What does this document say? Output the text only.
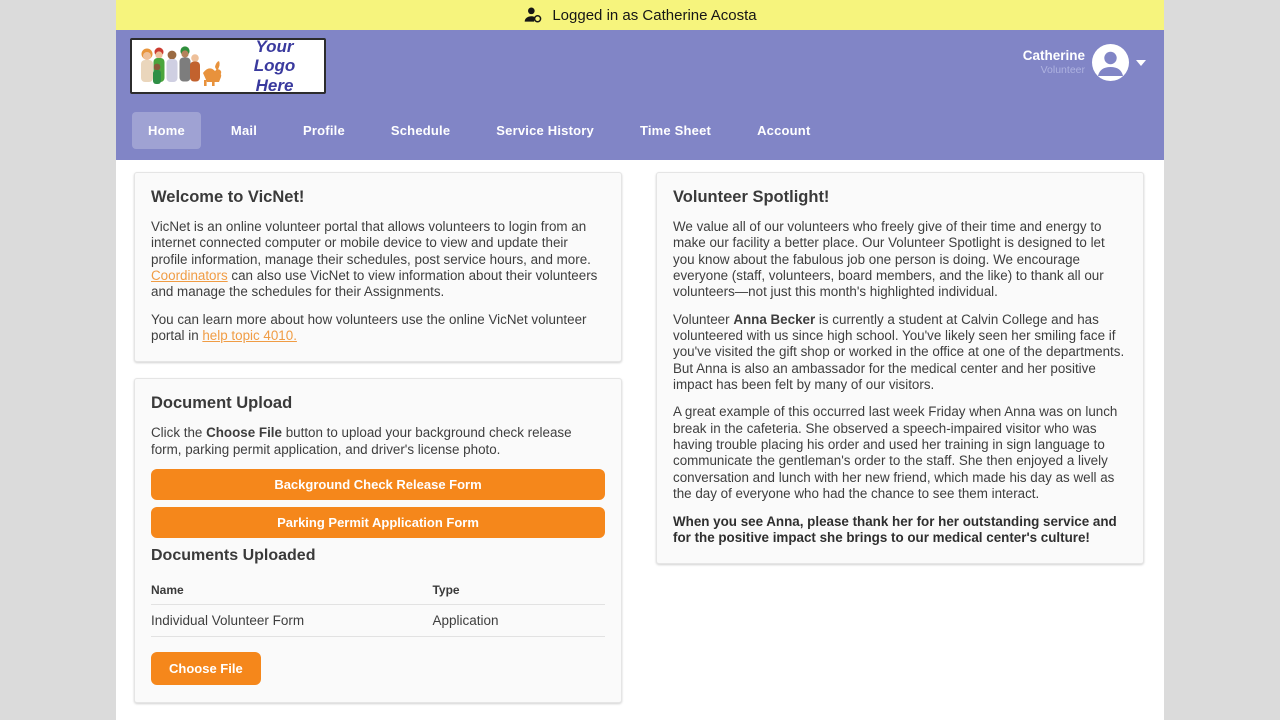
Logged in as Catherine Acosta
Your Logo
Here
Catherine
Volunteer
Home	Mail	Profile	Schedule	Service History	Time Sheet	Account
Welcome to VicNet!

VicNet is an online volunteer portal that allows volunteers to login from an internet connected computer or mobile device to view and update their profile information, manage their schedules, post service hours, and more. Coordinators can also use VicNet to view information about their volunteers and manage the schedules for their Assignments.

You can learn more about how volunteers use the online VicNet volunteer portal in help topic 4010.

Document Upload

Click the Choose File button to upload your background check release form, parking permit application, and driver's license photo.

Background Check Release Form
Parking Permit Application Form
Documents Uploaded
Name	Type
Individual Volunteer Form	Application
Choose File
Volunteer Spotlight!

We value all of our volunteers who freely give of their time and energy to make our facility a better place. Our Volunteer Spotlight is designed to let you know about the fabulous job one person is doing. We encourage everyone (staff, volunteers, board members, and the like) to thank all our volunteers—not just this month's highlighted individual.

Volunteer Anna Becker is currently a student at Calvin College and has volunteered with us since high school. You've likely seen her smiling face if you've visited the gift shop or worked in the office at one of the departments. But Anna is also an ambassador for the medical center and her positive impact has been felt by many of our visitors.

A great example of this occurred last week Friday when Anna was on lunch break in the cafeteria. She observed a speech-impaired visitor who was having trouble placing his order and used her training in sign language to communicate the gentleman's order to the staff. She then enjoyed a lively conversation and lunch with her new friend, which made his day as well as the day of everyone who had the chance to see them interact.

When you see Anna, please thank her for her outstanding service and for the positive impact she brings to our medical center's culture!
